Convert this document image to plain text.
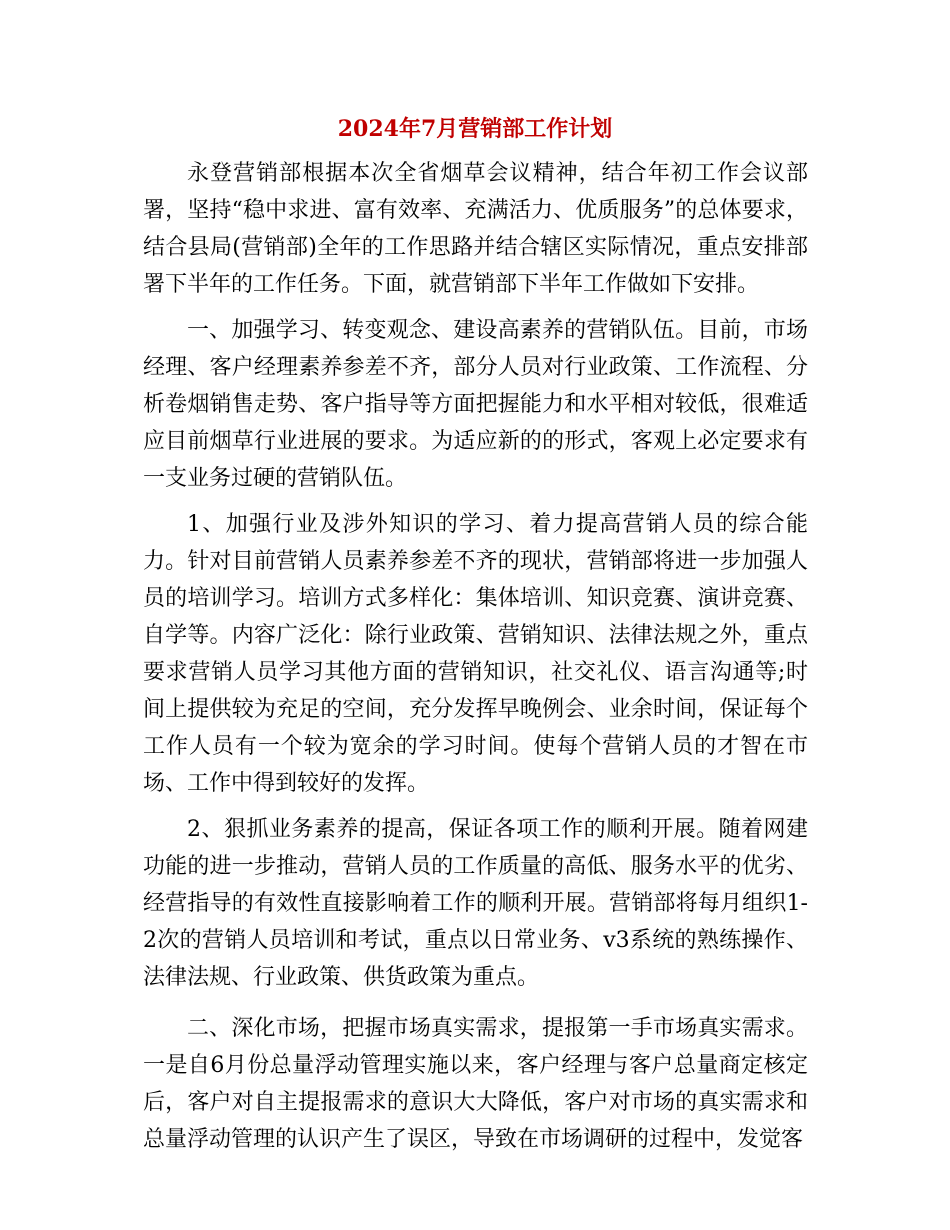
2024年7月营销部工作计划

永登营销部根据本次全省烟草会议精神，结合年初工作会议部署，坚持“稳中求进、富有效率、充满活力、优质服务”的总体要求，结合县局(营销部)全年的工作思路并结合辖区实际情况，重点安排部署下半年的工作任务。下面，就营销部下半年工作做如下安排。

一、加强学习、转变观念、建设高素养的营销队伍。目前，市场经理、客户经理素养参差不齐，部分人员对行业政策、工作流程、分析卷烟销售走势、客户指导等方面把握能力和水平相对较低，很难适应目前烟草行业进展的要求。为适应新的的形式，客观上必定要求有一支业务过硬的营销队伍。

1、加强行业及涉外知识的学习、着力提高营销人员的综合能力。针对目前营销人员素养参差不齐的现状，营销部将进一步加强人员的培训学习。培训方式多样化：集体培训、知识竞赛、演讲竞赛、自学等。内容广泛化：除行业政策、营销知识、法律法规之外，重点要求营销人员学习其他方面的营销知识，社交礼仪、语言沟通等;时间上提供较为充足的空间，充分发挥早晚例会、业余时间，保证每个工作人员有一个较为宽余的学习时间。使每个营销人员的才智在市场、工作中得到较好的发挥。

2、狠抓业务素养的提高，保证各项工作的顺利开展。随着网建功能的进一步推动，营销人员的工作质量的高低、服务水平的优劣、经营指导的有效性直接影响着工作的顺利开展。营销部将每月组织1-2次的营销人员培训和考试，重点以日常业务、v3系统的熟练操作、法律法规、行业政策、供货政策为重点。

二、深化市场，把握市场真实需求，提报第一手市场真实需求。一是自6月份总量浮动管理实施以来，客户经理与客户总量商定核定后，客户对自主提报需求的意识大大降低，客户对市场的真实需求和总量浮动管理的认识产生了误区，导致在市场调研的过程中，发觉客
